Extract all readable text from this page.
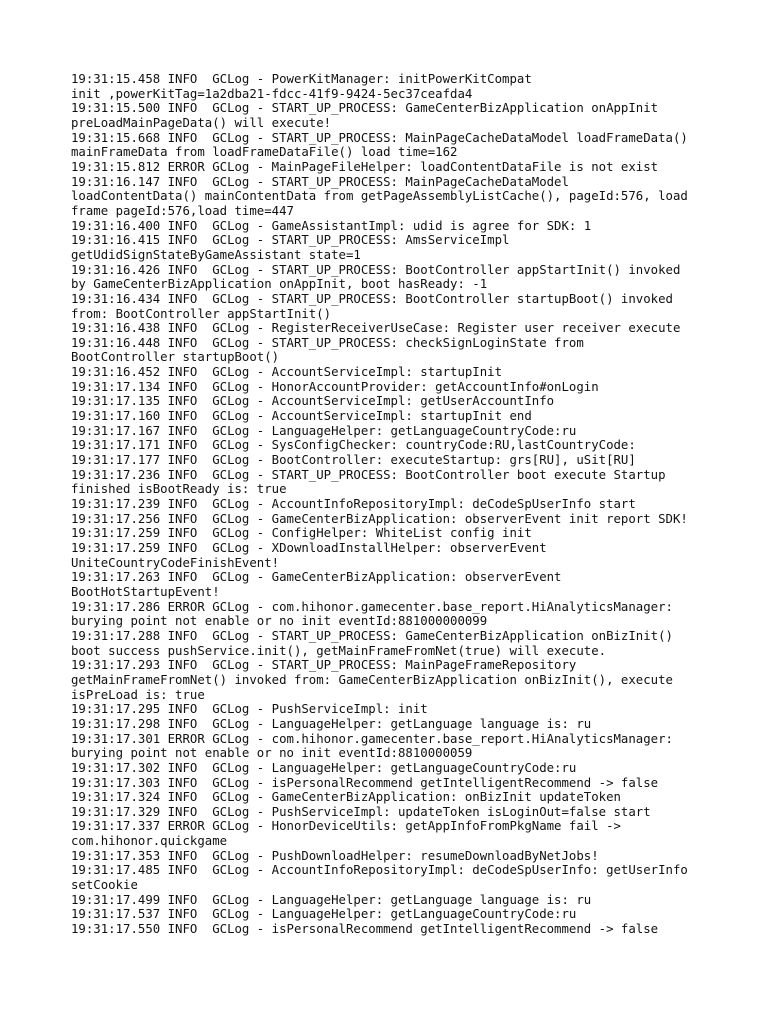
19:31:15.458 INFO  GCLog - PowerKitManager: initPowerKitCompat
init ,powerKitTag=1a2dba21-fdcc-41f9-9424-5ec37ceafda4
19:31:15.500 INFO  GCLog - START_UP_PROCESS: GameCenterBizApplication onAppInit
preLoadMainPageData() will execute!
19:31:15.668 INFO  GCLog - START_UP_PROCESS: MainPageCacheDataModel loadFrameData()
mainFrameData from loadFrameDataFile() load time=162
19:31:15.812 ERROR GCLog - MainPageFileHelper: loadContentDataFile is not exist
19:31:16.147 INFO  GCLog - START_UP_PROCESS: MainPageCacheDataModel
loadContentData() mainContentData from getPageAssemblyListCache(), pageId:576, load
frame pageId:576,load time=447
19:31:16.400 INFO  GCLog - GameAssistantImpl: udid is agree for SDK: 1
19:31:16.415 INFO  GCLog - START_UP_PROCESS: AmsServiceImpl
getUdidSignStateByGameAssistant state=1
19:31:16.426 INFO  GCLog - START_UP_PROCESS: BootController appStartInit() invoked
by GameCenterBizApplication onAppInit, boot hasReady: -1
19:31:16.434 INFO  GCLog - START_UP_PROCESS: BootController startupBoot() invoked
from: BootController appStartInit()
19:31:16.438 INFO  GCLog - RegisterReceiverUseCase: Register user receiver execute
19:31:16.448 INFO  GCLog - START_UP_PROCESS: checkSignLoginState from
BootController startupBoot()
19:31:16.452 INFO  GCLog - AccountServiceImpl: startupInit
19:31:17.134 INFO  GCLog - HonorAccountProvider: getAccountInfo#onLogin
19:31:17.135 INFO  GCLog - AccountServiceImpl: getUserAccountInfo
19:31:17.160 INFO  GCLog - AccountServiceImpl: startupInit end
19:31:17.167 INFO  GCLog - LanguageHelper: getLanguageCountryCode:ru
19:31:17.171 INFO  GCLog - SysConfigChecker: countryCode:RU,lastCountryCode:
19:31:17.177 INFO  GCLog - BootController: executeStartup: grs[RU], uSit[RU]
19:31:17.236 INFO  GCLog - START_UP_PROCESS: BootController boot execute Startup
finished isBootReady is: true
19:31:17.239 INFO  GCLog - AccountInfoRepositoryImpl: deCodeSpUserInfo start
19:31:17.256 INFO  GCLog - GameCenterBizApplication: observerEvent init report SDK!
19:31:17.259 INFO  GCLog - ConfigHelper: WhiteList config init
19:31:17.259 INFO  GCLog - XDownloadInstallHelper: observerEvent
UniteCountryCodeFinishEvent!
19:31:17.263 INFO  GCLog - GameCenterBizApplication: observerEvent
BootHotStartupEvent!
19:31:17.286 ERROR GCLog - com.hihonor.gamecenter.base_report.HiAnalyticsManager:
burying point not enable or no init eventId:881000000099
19:31:17.288 INFO  GCLog - START_UP_PROCESS: GameCenterBizApplication onBizInit()
boot success pushService.init(), getMainFrameFromNet(true) will execute.
19:31:17.293 INFO  GCLog - START_UP_PROCESS: MainPageFrameRepository
getMainFrameFromNet() invoked from: GameCenterBizApplication onBizInit(), execute
isPreLoad is: true
19:31:17.295 INFO  GCLog - PushServiceImpl: init
19:31:17.298 INFO  GCLog - LanguageHelper: getLanguage language is: ru
19:31:17.301 ERROR GCLog - com.hihonor.gamecenter.base_report.HiAnalyticsManager:
burying point not enable or no init eventId:8810000059
19:31:17.302 INFO  GCLog - LanguageHelper: getLanguageCountryCode:ru
19:31:17.303 INFO  GCLog - isPersonalRecommend getIntelligentRecommend -> false
19:31:17.324 INFO  GCLog - GameCenterBizApplication: onBizInit updateToken
19:31:17.329 INFO  GCLog - PushServiceImpl: updateToken isLoginOut=false start
19:31:17.337 ERROR GCLog - HonorDeviceUtils: getAppInfoFromPkgName fail ->
com.hihonor.quickgame
19:31:17.353 INFO  GCLog - PushDownloadHelper: resumeDownloadByNetJobs!
19:31:17.485 INFO  GCLog - AccountInfoRepositoryImpl: deCodeSpUserInfo: getUserInfo
setCookie
19:31:17.499 INFO  GCLog - LanguageHelper: getLanguage language is: ru
19:31:17.537 INFO  GCLog - LanguageHelper: getLanguageCountryCode:ru
19:31:17.550 INFO  GCLog - isPersonalRecommend getIntelligentRecommend -> false
